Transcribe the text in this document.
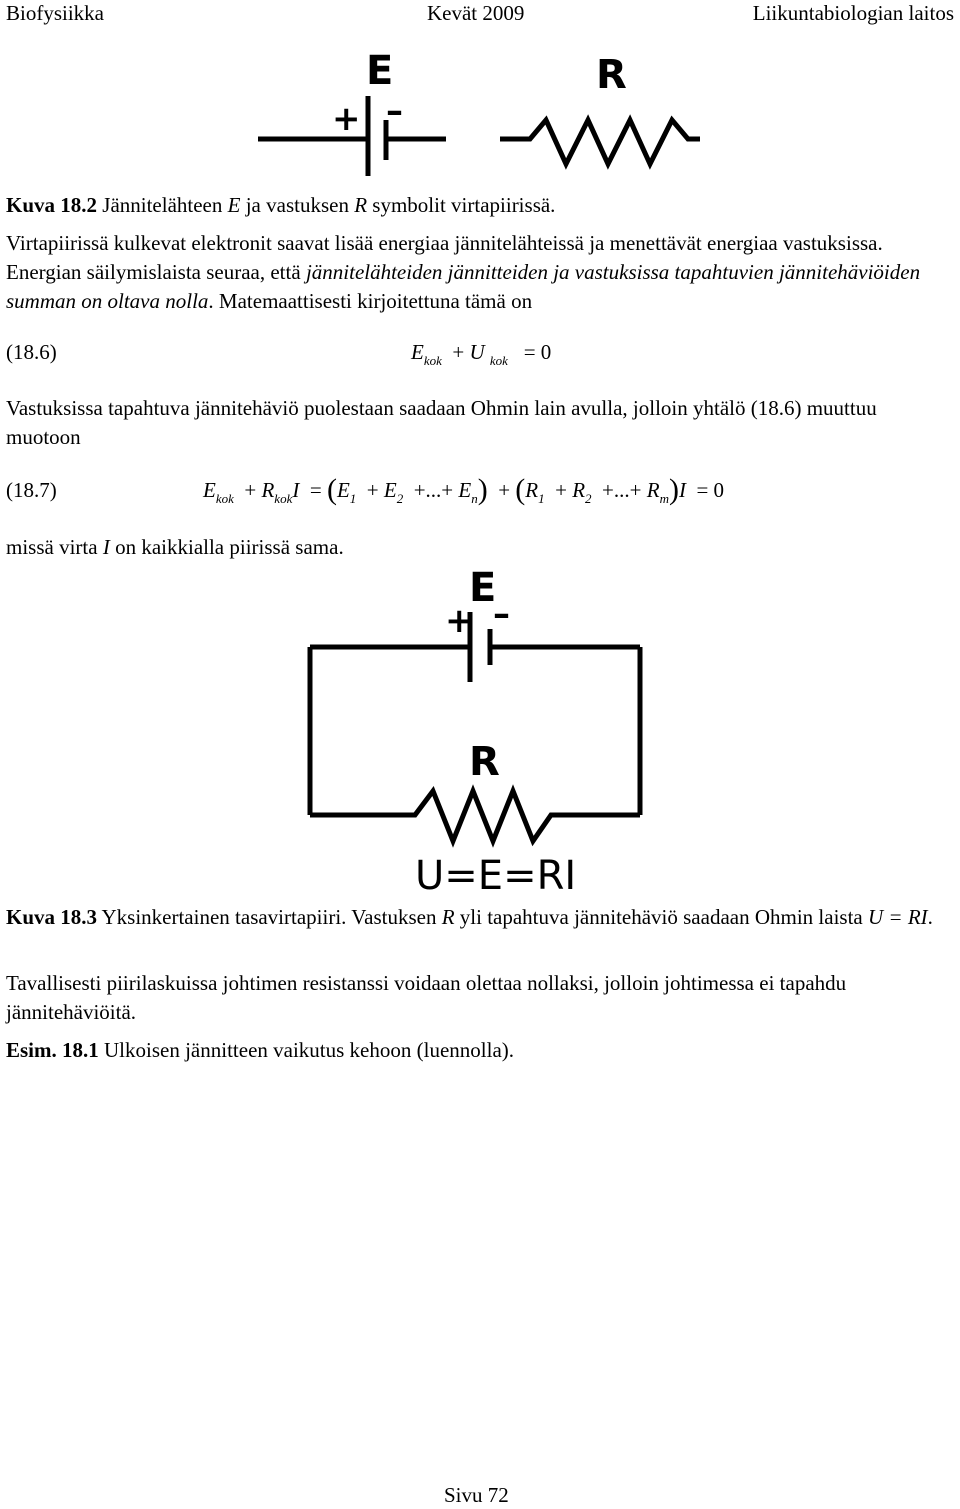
Biofysiikka	Kevät 2009	Liikuntabiologian laitos
E	R
+ –
Kuva 18.2 Jännitelähteen E ja vastuksen R symbolit virtapiirissä.

Virtapiirissä kulkevat elektronit saavat lisää energiaa jännitelähteissä ja menettävät energiaa vastuksissa. Energian säilymislaista seuraa, että jännitelähteiden jännitteiden ja vastuksissa tapahtuvien jännitehäviöiden summan on oltava nolla. Matemaattisesti kirjoitettuna tämä on

(18.6)	$E_{kok} + U$ $_{kok}$ = 0

Vastuksissa tapahtuva jännitehäviö puolestaan saadaan Ohmin lain avulla, jolloin yhtälö (18.6) muuttuu muotoon

(18.7)	$E_{kok} + R_{kok}I = (E_1 + E_2$ +...+ $E_n) + (R_1 + R_2$ +...+ $R_m)I = 0$

missä virta I on kaikkialla piirissä sama.

E
R
+ –
U=E=RI

Kuva 18.3 Yksinkertainen tasavirtapiiri. Vastuksen R yli tapahtuva jännitehäviö saadaan Ohmin laista U = RI.

Tavallisesti piirilaskuissa johtimen resistanssi voidaan olettaa nollaksi, jolloin johtimessa ei tapahdu jännitehäviöitä.

Esim. 18.1 Ulkoisen jännitteen vaikutus kehoon (luennolla).

Sivu 72
